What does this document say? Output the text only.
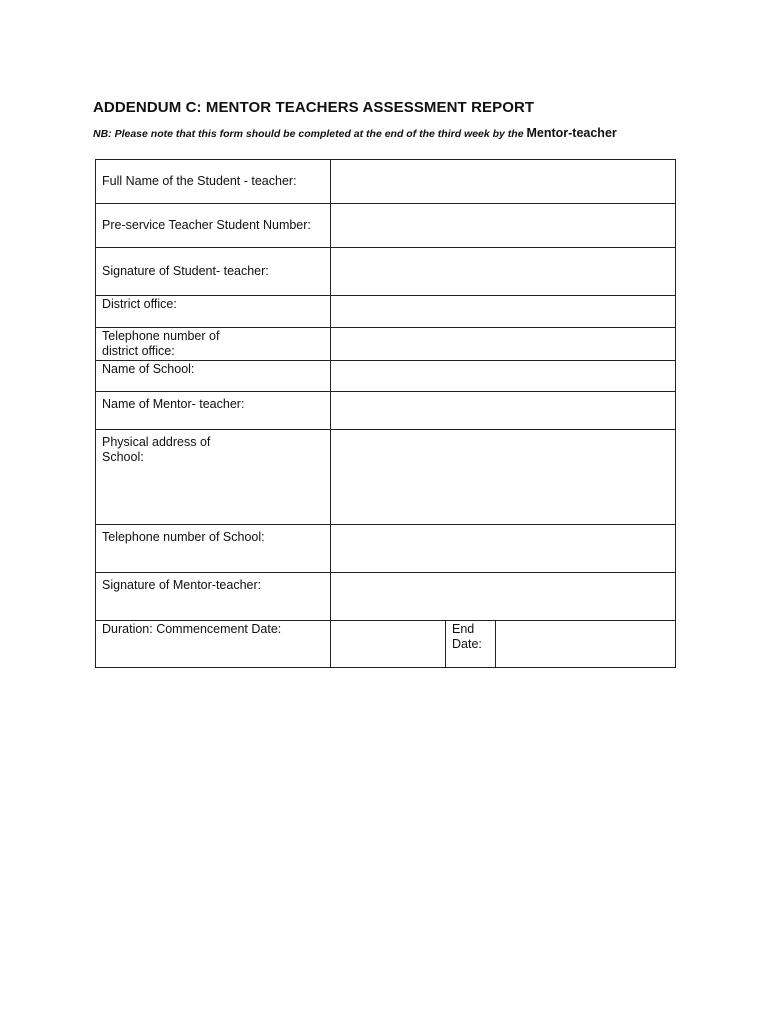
ADDENDUM C: MENTOR TEACHERS ASSESSMENT REPORT
NB: Please note that this form should be completed at the end of the third week by the Mentor-teacher
Full Name of the Student - teacher:			
Pre-service Teacher Student Number:			
Signature of Student- teacher:			
District office:			
Telephone number of
district office:			
Name of School:			
Name of Mentor- teacher:			
Physical address of
School:			
Telephone number of School:			
Signature of Mentor-teacher:			
Duration: Commencement Date:		End
Date:	
